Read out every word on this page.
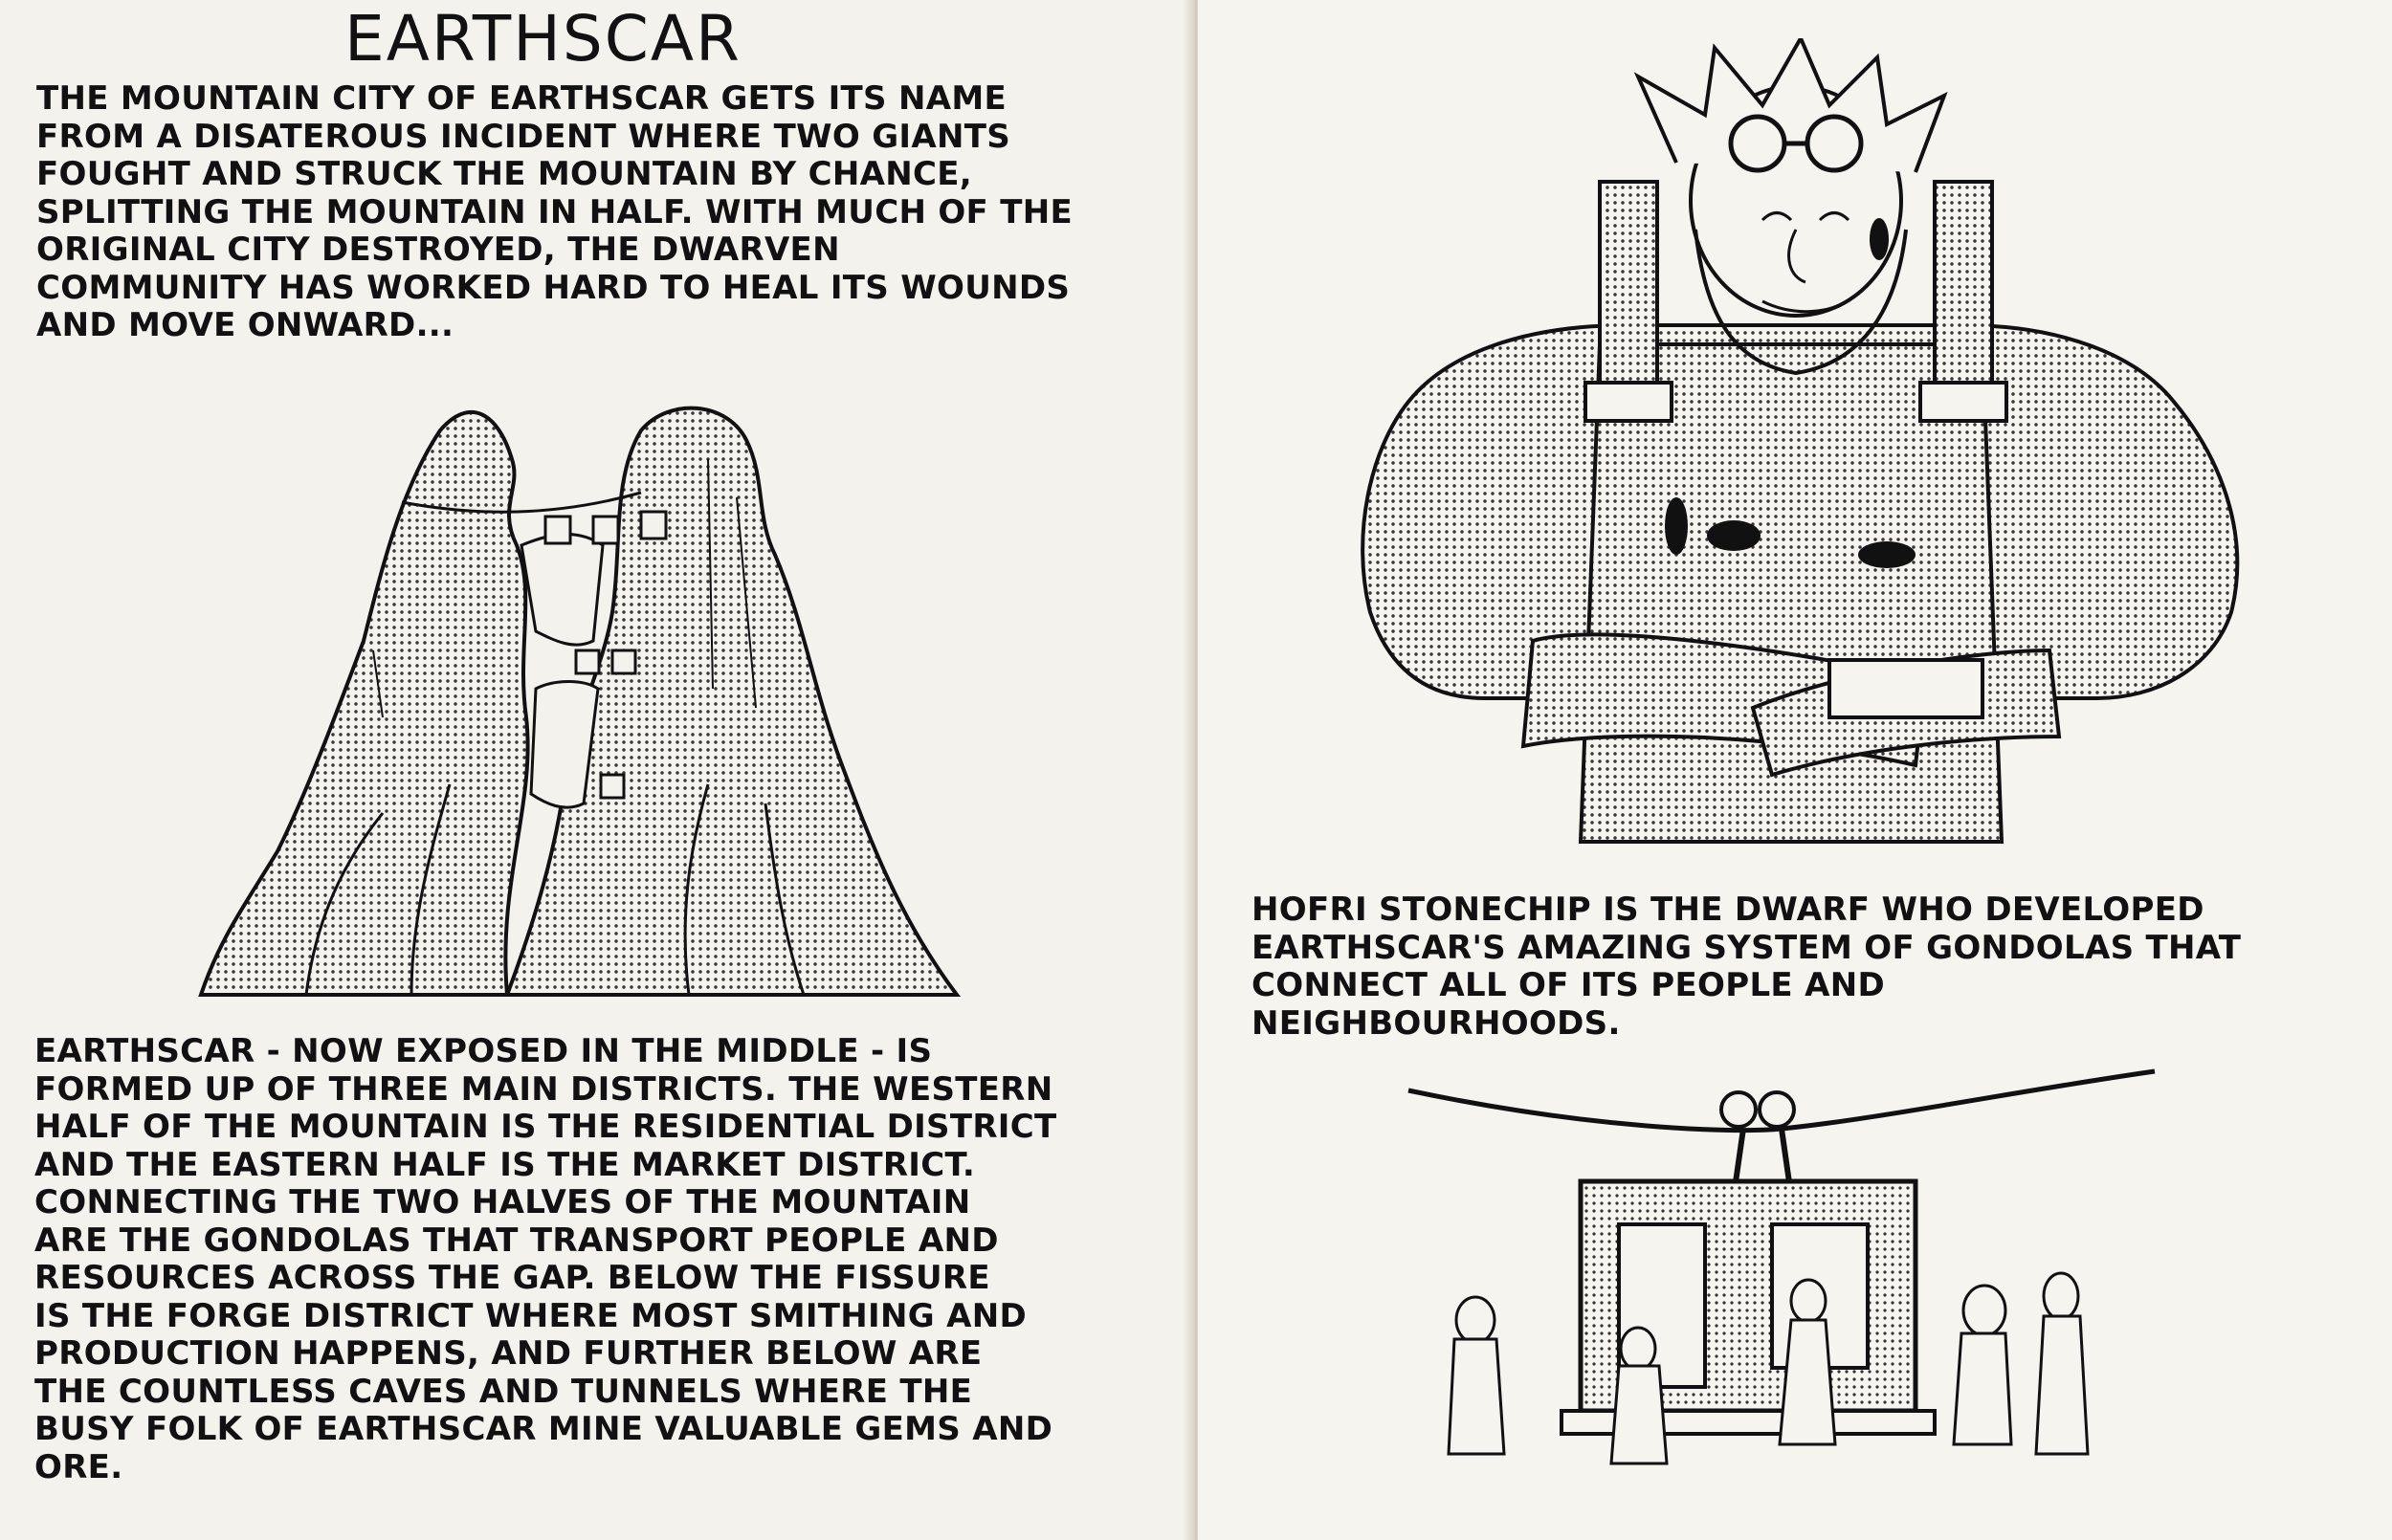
EARTHSCAR
THE MOUNTAIN CITY OF EARTHSCAR GETS ITS NAME
FROM A DISATEROUS INCIDENT WHERE TWO GIANTS
FOUGHT AND STRUCK THE MOUNTAIN BY CHANCE,
SPLITTING THE MOUNTAIN IN HALF. WITH MUCH OF THE
ORIGINAL CITY DESTROYED, THE DWARVEN
COMMUNITY HAS WORKED HARD TO HEAL ITS WOUNDS
AND MOVE ONWARD...
EARTHSCAR - NOW EXPOSED IN THE MIDDLE - IS
FORMED UP OF THREE MAIN DISTRICTS. THE WESTERN
HALF OF THE MOUNTAIN IS THE RESIDENTIAL DISTRICT
AND THE EASTERN HALF IS THE MARKET DISTRICT.
CONNECTING THE TWO HALVES OF THE MOUNTAIN
ARE THE GONDOLAS THAT TRANSPORT PEOPLE AND
RESOURCES ACROSS THE GAP. BELOW THE FISSURE
IS THE FORGE DISTRICT WHERE MOST SMITHING AND
PRODUCTION HAPPENS, AND FURTHER BELOW ARE
THE COUNTLESS CAVES AND TUNNELS WHERE THE
BUSY FOLK OF EARTHSCAR MINE VALUABLE GEMS AND
ORE.
HOFRI STONECHIP IS THE DWARF WHO DEVELOPED
EARTHSCAR'S AMAZING SYSTEM OF GONDOLAS THAT
CONNECT ALL OF ITS PEOPLE AND
NEIGHBOURHOODS.
